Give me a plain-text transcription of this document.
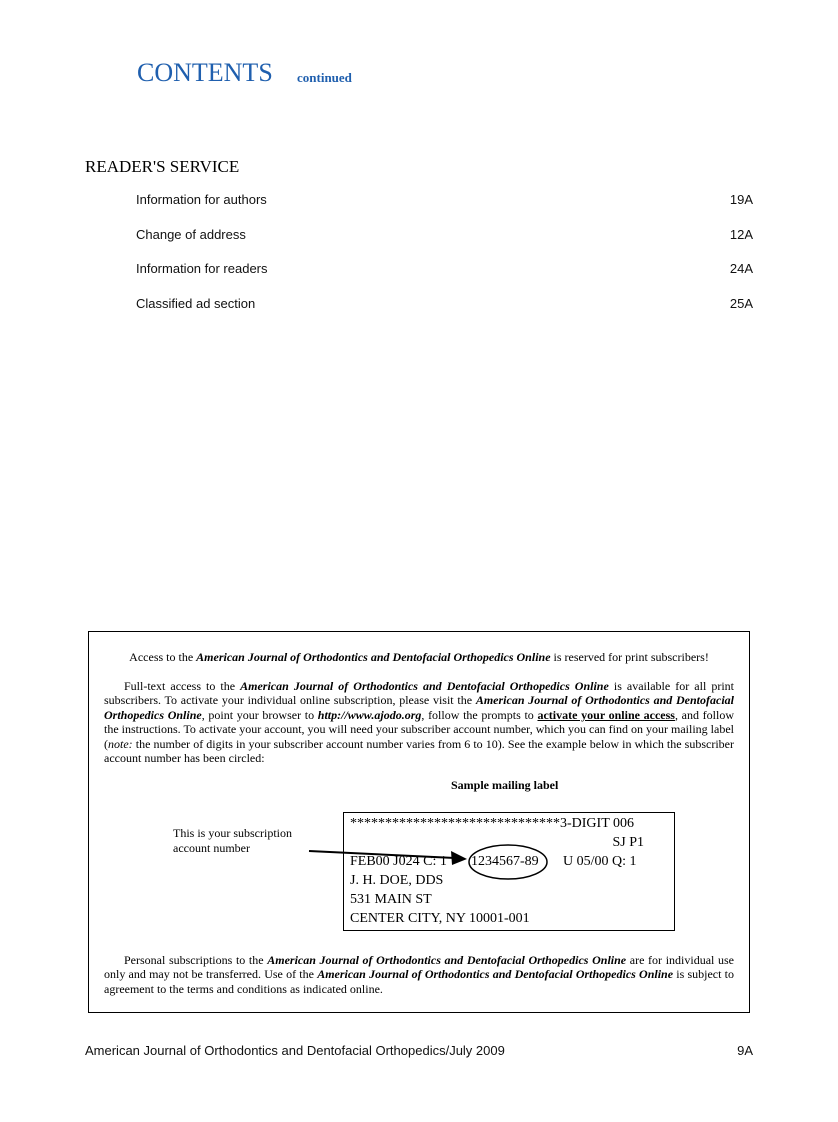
CONTENTS continued
READER'S SERVICE
Information for authors	19A
Change of address	12A
Information for readers	24A
Classified ad section	25A
Access to the American Journal of Orthodontics and Dentofacial Orthopedics Online is reserved for print subscribers!
Full-text access to the American Journal of Orthodontics and Dentofacial Orthopedics Online is available for all print subscribers. To activate your individual online subscription, please visit the American Journal of Orthodontics and Dentofacial Orthopedics Online, point your browser to http://www.ajodo.org, follow the prompts to activate your online access, and follow the instructions. To activate your account, you will need your subscriber account number, which you can find on your mailing label (note: the number of digits in your subscriber account number varies from 6 to 10). See the example below in which the subscriber account number has been circled:
Sample mailing label
This is your subscription
account number
******************************3-DIGIT 006
SJ P1
FEB00 J024 C: 1 1234567-89 U 05/00 Q: 1
J. H. DOE, DDS
531 MAIN ST
CENTER CITY, NY 10001-001
Personal subscriptions to the American Journal of Orthodontics and Dentofacial Orthopedics Online are for individual use only and may not be transferred. Use of the American Journal of Orthodontics and Dentofacial Orthopedics Online is subject to agreement to the terms and conditions as indicated online.
American Journal of Orthodontics and Dentofacial Orthopedics/July 2009	9A
